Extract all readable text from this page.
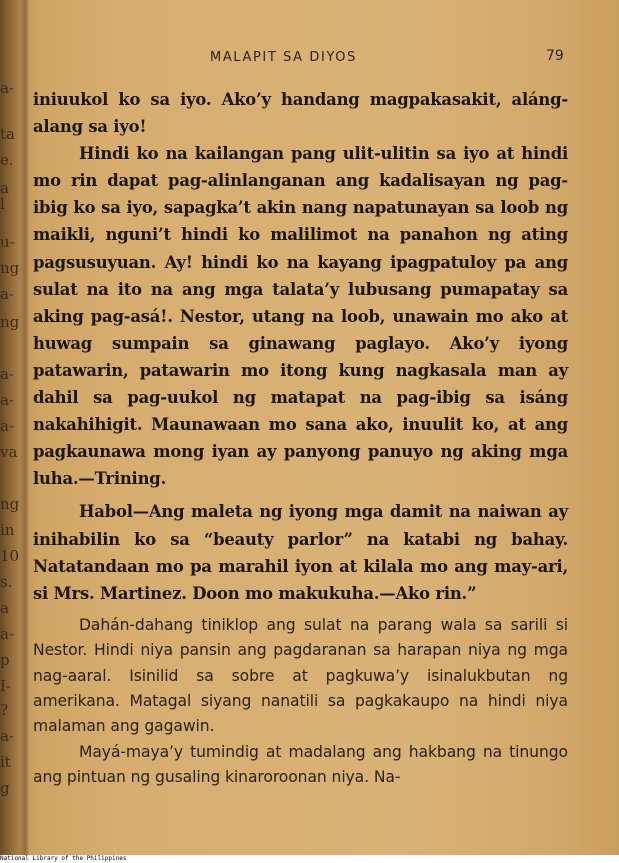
a-
ta
e.
a l
u-
ng
a-
ng
a-
a-
a-
va
ng
in
10
s.
a
a-
p
I-
?
a-
it
g
MALAPIT SA DIYOS	79

iniuukol ko sa iyo. Ako’y handang magpakasakit, aláng-alang sa iyo!

Hindi ko na kailangan pang ulit-ulitin sa iyo at hindi mo rin dapat pag-alinlanganan ang kadalisayan ng pag-ibig ko sa iyo, sapagka’t akin nang napatunayan sa loob ng maikli, nguni’t hindi ko malilimot na panahon ng ating pagsusuyuan. Ay! hindi ko na kayang ipagpatuloy pa ang sulat na ito na ang mga talata’y lubusang pumapatay sa aking pag-asá!. Nestor, utang na loob, unawain mo ako at huwag sumpain sa ginawang paglayo. Ako’y iyong patawarin, patawarin mo itong kung nagkasala man ay dahil sa pag-uukol ng matapat na pag-ibig sa isáng nakahihigit. Maunawaan mo sana ako, inuulit ko, at ang pagkaunawa mong iyan ay panyong panuyo ng aking mga luha.—Trining.

Habol—Ang maleta ng iyong mga damit na naiwan ay inihabilin ko sa “beauty parlor” na katabi ng bahay. Natatandaan mo pa marahil iyon at kilala mo ang may-ari, si Mrs. Martinez. Doon mo makukuha.—Ako rin.”

Dahán-dahang tiniklop ang sulat na parang wala sa sarili si Nestor. Hindi niya pansin ang pagdaranan sa harapan niya ng mga nag-aaral. Isinilid sa sobre at pagkuwa’y isinalukbutan ng amerikana. Matagal siyang nanatili sa pagkakaupo na hindi niya malaman ang gagawin.

Mayá-maya’y tumindig at madalang ang hakbang na tinungo ang pintuan ng gusaling kinaroroonan niya. Na-

National Library of the Philippines
